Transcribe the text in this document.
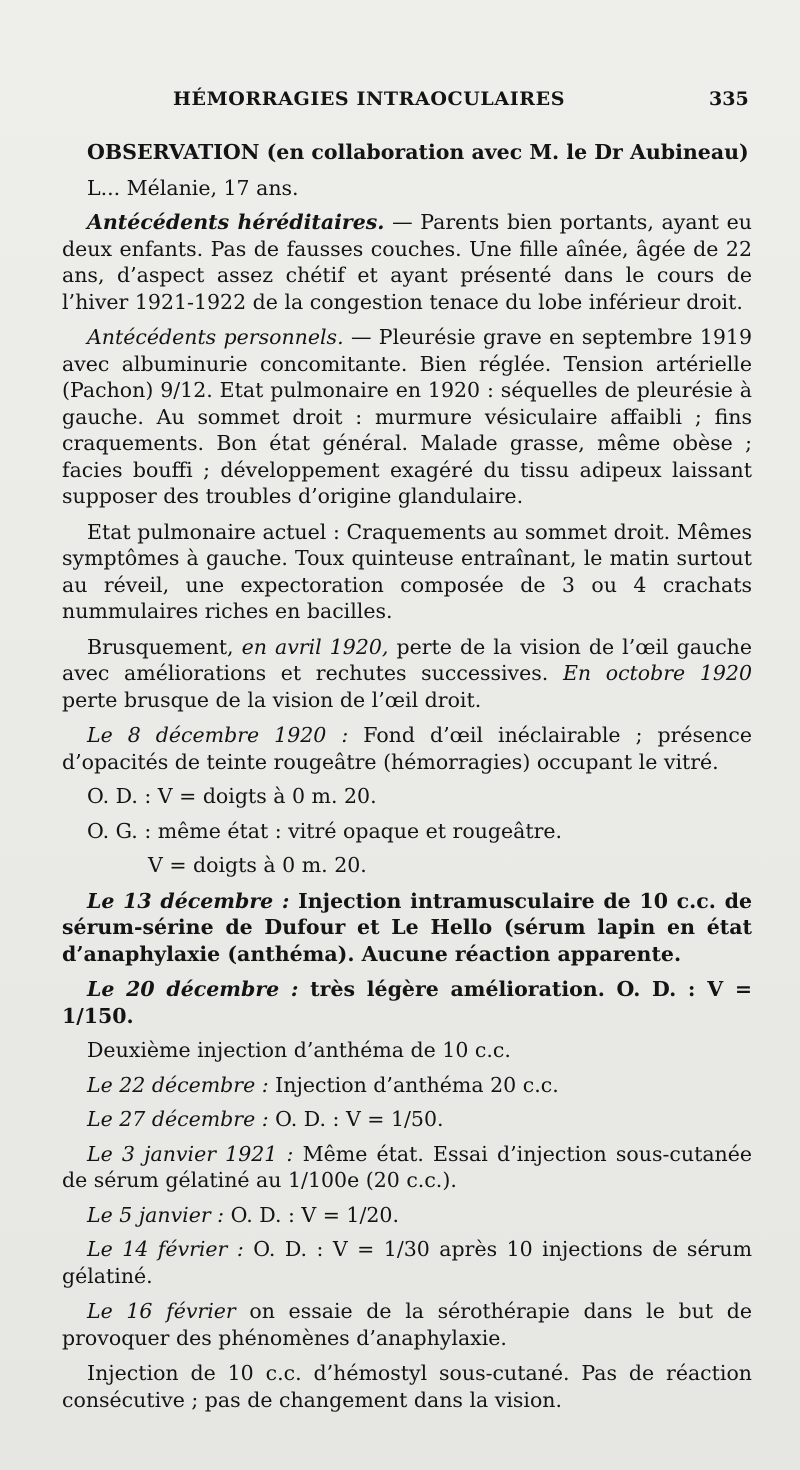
HÉMORRAGIES INTRAOCULAIRES	335

OBSERVATION (en collaboration avec M. le Dr Aubineau)

L... Mélanie, 17 ans.

Antécédents héréditaires. — Parents bien portants, ayant eu deux enfants. Pas de fausses couches. Une fille aînée, âgée de 22 ans, d’aspect assez chétif et ayant présenté dans le cours de l’hiver 1921-1922 de la congestion tenace du lobe inférieur droit.

Antécédents personnels. — Pleurésie grave en septembre 1919 avec albuminurie concomitante. Bien réglée. Tension artérielle (Pachon) 9/12. Etat pulmonaire en 1920 : séquelles de pleurésie à gauche. Au sommet droit : murmure vésiculaire affaibli ; fins craquements. Bon état général. Malade grasse, même obèse ; facies bouffi ; développement exagéré du tissu adipeux laissant supposer des troubles d’origine glandulaire.

Etat pulmonaire actuel : Craquements au sommet droit. Mêmes symptômes à gauche. Toux quinteuse entraînant, le matin surtout au réveil, une expectoration composée de 3 ou 4 crachats nummulaires riches en bacilles.

Brusquement, en avril 1920, perte de la vision de l’œil gauche avec améliorations et rechutes successives. En octobre 1920 perte brusque de la vision de l’œil droit.

Le 8 décembre 1920 : Fond d’œil inéclairable ; présence d’opacités de teinte rougeâtre (hémorragies) occupant le vitré.

O. D. : V = doigts à 0 m. 20.

O. G. : même état : vitré opaque et rougeâtre.

V = doigts à 0 m. 20.

Le 13 décembre : Injection intramusculaire de 10 c.c. de sérum-sérine de Dufour et Le Hello (sérum lapin en état d’anaphylaxie (anthéma). Aucune réaction apparente.

Le 20 décembre : très légère amélioration. O. D. : V = 1/150.

Deuxième injection d’anthéma de 10 c.c.

Le 22 décembre : Injection d’anthéma 20 c.c.

Le 27 décembre : O. D. : V = 1/50.

Le 3 janvier 1921 : Même état. Essai d’injection sous-cutanée de sérum gélatiné au 1/100e (20 c.c.).

Le 5 janvier : O. D. : V = 1/20.

Le 14 février : O. D. : V = 1/30 après 10 injections de sérum gélatiné.

Le 16 février on essaie de la sérothérapie dans le but de provoquer des phénomènes d’anaphylaxie.

Injection de 10 c.c. d’hémostyl sous-cutané. Pas de réaction consécutive ; pas de changement dans la vision.
